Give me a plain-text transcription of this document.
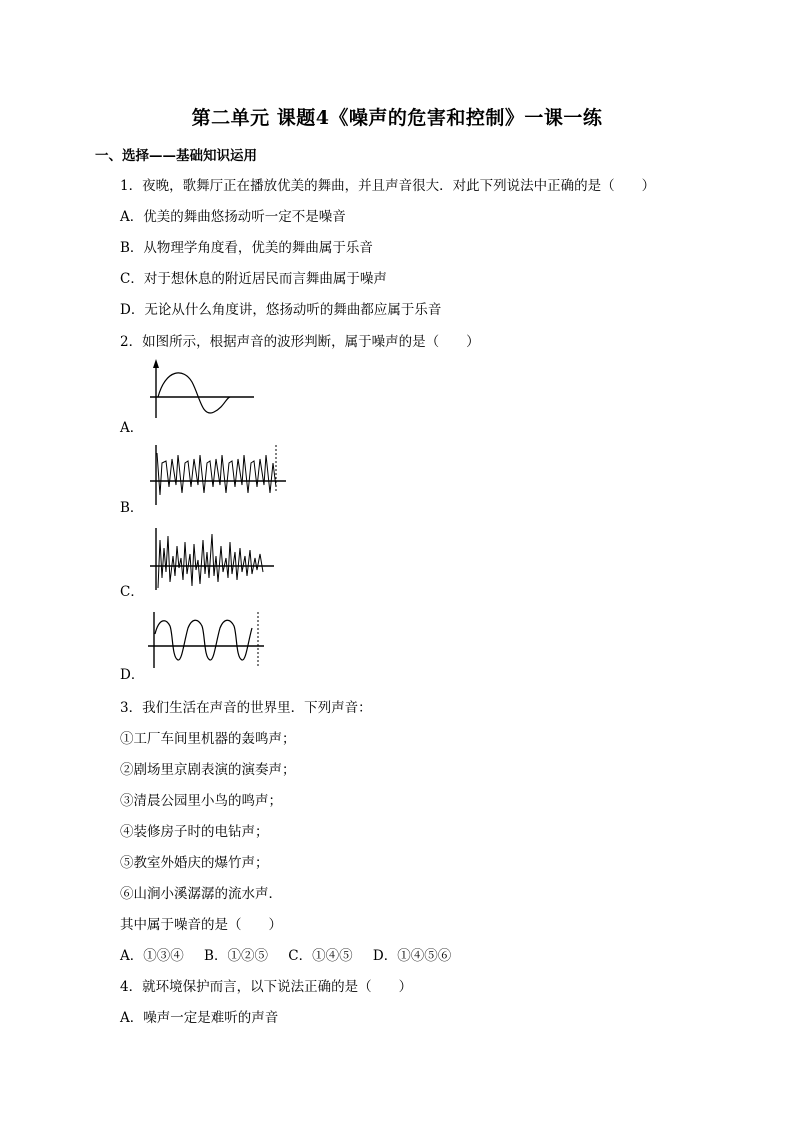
第二单元 课题4《噪声的危害和控制》一课一练
一、选择——基础知识运用
1．夜晚，歌舞厅正在播放优美的舞曲，并且声音很大．对此下列说法中正确的是（　　）
A．优美的舞曲悠扬动听一定不是噪音
B．从物理学角度看，优美的舞曲属于乐音
C．对于想休息的附近居民而言舞曲属于噪声
D．无论从什么角度讲，悠扬动听的舞曲都应属于乐音
2．如图所示，根据声音的波形判断，属于噪声的是（　　）
A．
B．
C．
D．
3．我们生活在声音的世界里．下列声音：
①工厂车间里机器的轰鸣声；
②剧场里京剧表演的演奏声；
③清晨公园里小鸟的鸣声；
④装修房子时的电钻声；
⑤教室外婚庆的爆竹声；
⑥山涧小溪潺潺的流水声．
其中属于噪音的是（　　）
A．①③④ B．①②⑤ C．①④⑤ D．①④⑤⑥
4．就环境保护而言，以下说法正确的是（　　）
A．噪声一定是难听的声音
